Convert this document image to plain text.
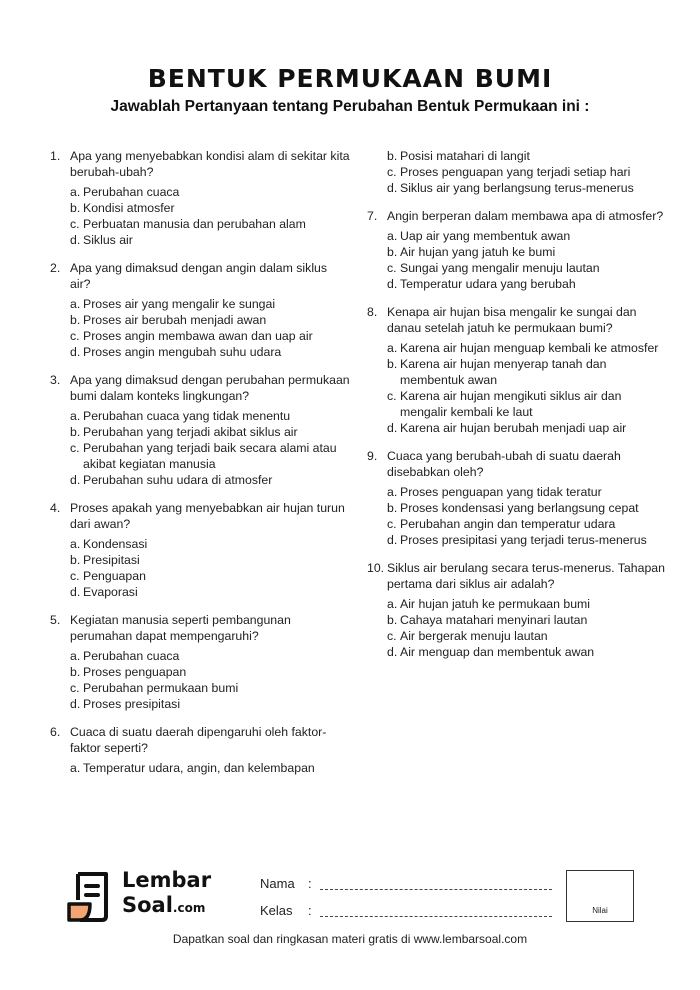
BENTUK PERMUKAAN BUMI
Jawablah Pertanyaan tentang Perubahan Bentuk Permukaan ini :
1. Apa yang menyebabkan kondisi alam di sekitar kita berubah-ubah?
a. Perubahan cuaca
b. Kondisi atmosfer
c. Perbuatan manusia dan perubahan alam
d. Siklus air
2. Apa yang dimaksud dengan angin dalam siklus air?
a. Proses air yang mengalir ke sungai
b. Proses air berubah menjadi awan
c. Proses angin membawa awan dan uap air
d. Proses angin mengubah suhu udara
3. Apa yang dimaksud dengan perubahan permukaan bumi dalam konteks lingkungan?
a. Perubahan cuaca yang tidak menentu
b. Perubahan yang terjadi akibat siklus air
c. Perubahan yang terjadi baik secara alami atau akibat kegiatan manusia
d. Perubahan suhu udara di atmosfer
4. Proses apakah yang menyebabkan air hujan turun dari awan?
a. Kondensasi
b. Presipitasi
c. Penguapan
d. Evaporasi
5. Kegiatan manusia seperti pembangunan perumahan dapat mempengaruhi?
a. Perubahan cuaca
b. Proses penguapan
c. Perubahan permukaan bumi
d. Proses presipitasi
6. Cuaca di suatu daerah dipengaruhi oleh faktor-faktor seperti?
a. Temperatur udara, angin, dan kelembapan
b. Posisi matahari di langit
c. Proses penguapan yang terjadi setiap hari
d. Siklus air yang berlangsung terus-menerus
7. Angin berperan dalam membawa apa di atmosfer?
a. Uap air yang membentuk awan
b. Air hujan yang jatuh ke bumi
c. Sungai yang mengalir menuju lautan
d. Temperatur udara yang berubah
8. Kenapa air hujan bisa mengalir ke sungai dan danau setelah jatuh ke permukaan bumi?
a. Karena air hujan menguap kembali ke atmosfer
b. Karena air hujan menyerap tanah dan membentuk awan
c. Karena air hujan mengikuti siklus air dan mengalir kembali ke laut
d. Karena air hujan berubah menjadi uap air
9. Cuaca yang berubah-ubah di suatu daerah disebabkan oleh?
a. Proses penguapan yang tidak teratur
b. Proses kondensasi yang berlangsung cepat
c. Perubahan angin dan temperatur udara
d. Proses presipitasi yang terjadi terus-menerus
10. Siklus air berulang secara terus-menerus. Tahapan pertama dari siklus air adalah?
a. Air hujan jatuh ke permukaan bumi
b. Cahaya matahari menyinari lautan
c. Air bergerak menuju lautan
d. Air menguap dan membentuk awan
Lembar
Soal.com
Nama :
Kelas :	Nilai
Dapatkan soal dan ringkasan materi gratis di www.lembarsoal.com
